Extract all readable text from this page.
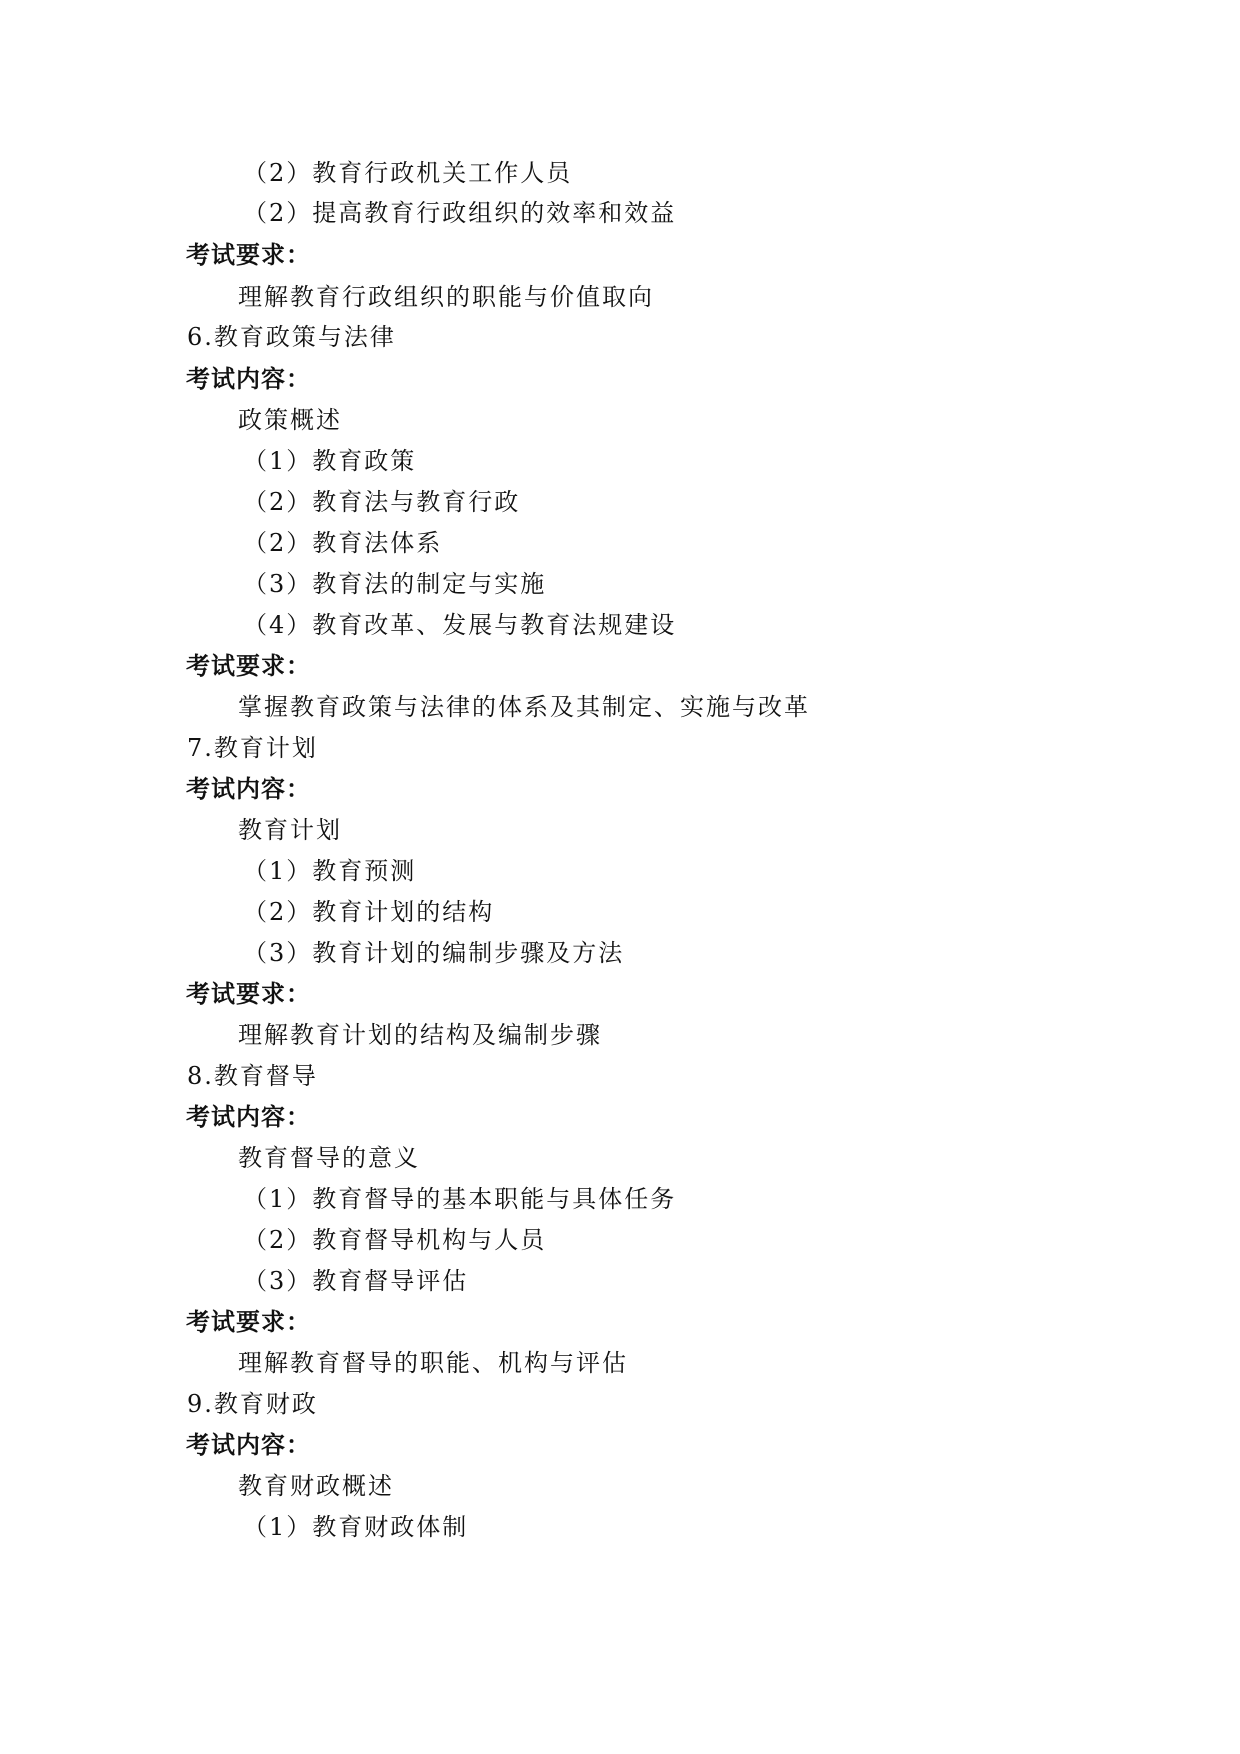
（2）教育行政机关工作人员
（2）提高教育行政组织的效率和效益
考试要求：
理解教育行政组织的职能与价值取向
6.教育政策与法律
考试内容：
政策概述
（1）教育政策
（2）教育法与教育行政
（2）教育法体系
（3）教育法的制定与实施
（4）教育改革、发展与教育法规建设
考试要求：
掌握教育政策与法律的体系及其制定、实施与改革
7.教育计划
考试内容：
教育计划
（1）教育预测
（2）教育计划的结构
（3）教育计划的编制步骤及方法
考试要求：
理解教育计划的结构及编制步骤
8.教育督导
考试内容：
教育督导的意义
（1）教育督导的基本职能与具体任务
（2）教育督导机构与人员
（3）教育督导评估
考试要求：
理解教育督导的职能、机构与评估
9.教育财政
考试内容：
教育财政概述
（1）教育财政体制
